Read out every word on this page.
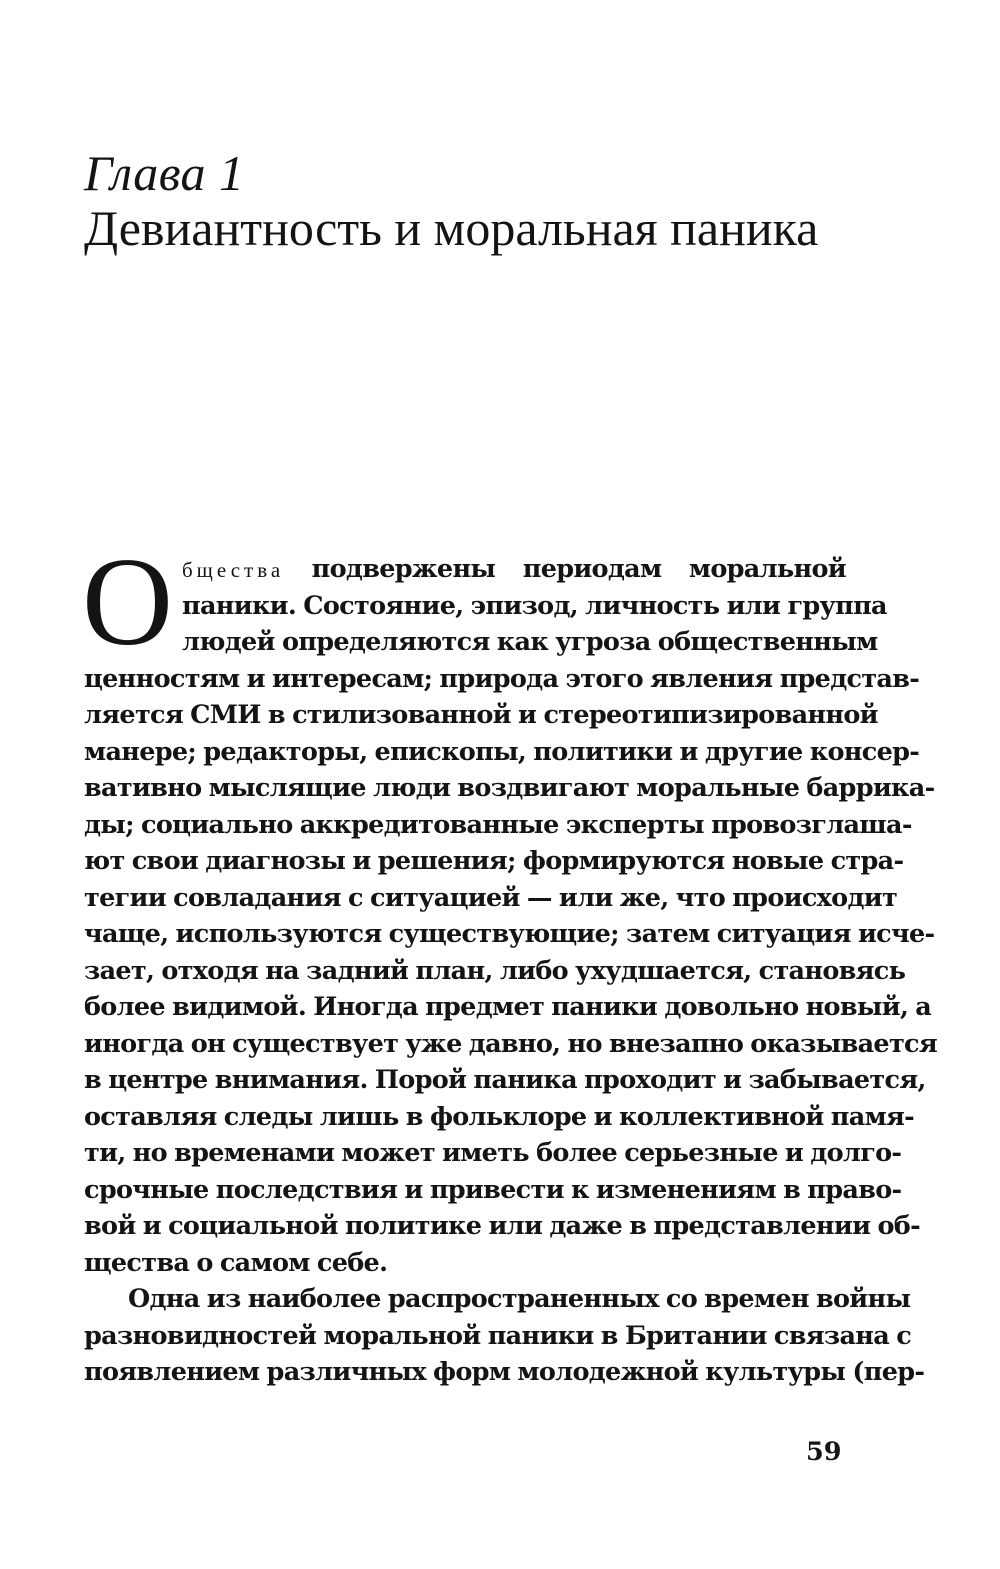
Глава 1
Девиантность и моральная паника
О бщества подвержены периодам моральной
паники. Состояние, эпизод, личность или группа
людей определяются как угроза общественным
ценностям и интересам; природа этого явления представ-
ляется СМИ в стилизованной и стереотипизированной
манере; редакторы, епископы, политики и другие консер-
вативно мыслящие люди воздвигают моральные баррика-
ды; социально аккредитованные эксперты провозглаша-
ют свои диагнозы и решения; формируются новые стра-
тегии совладания с ситуацией — или же, что происходит
чаще, используются существующие; затем ситуация исче-
зает, отходя на задний план, либо ухудшается, становясь
более видимой. Иногда предмет паники довольно новый, а
иногда он существует уже давно, но внезапно оказывается
в центре внимания. Порой паника проходит и забывается,
оставляя следы лишь в фольклоре и коллективной памя-
ти, но временами может иметь более серьезные и долго-
срочные последствия и привести к изменениям в право-
вой и социальной политике или даже в представлении об-
щества о самом себе.
Одна из наиболее распространенных со времен войны
разновидностей моральной паники в Британии связана с
появлением различных форм молодежной культуры (пер-
59
